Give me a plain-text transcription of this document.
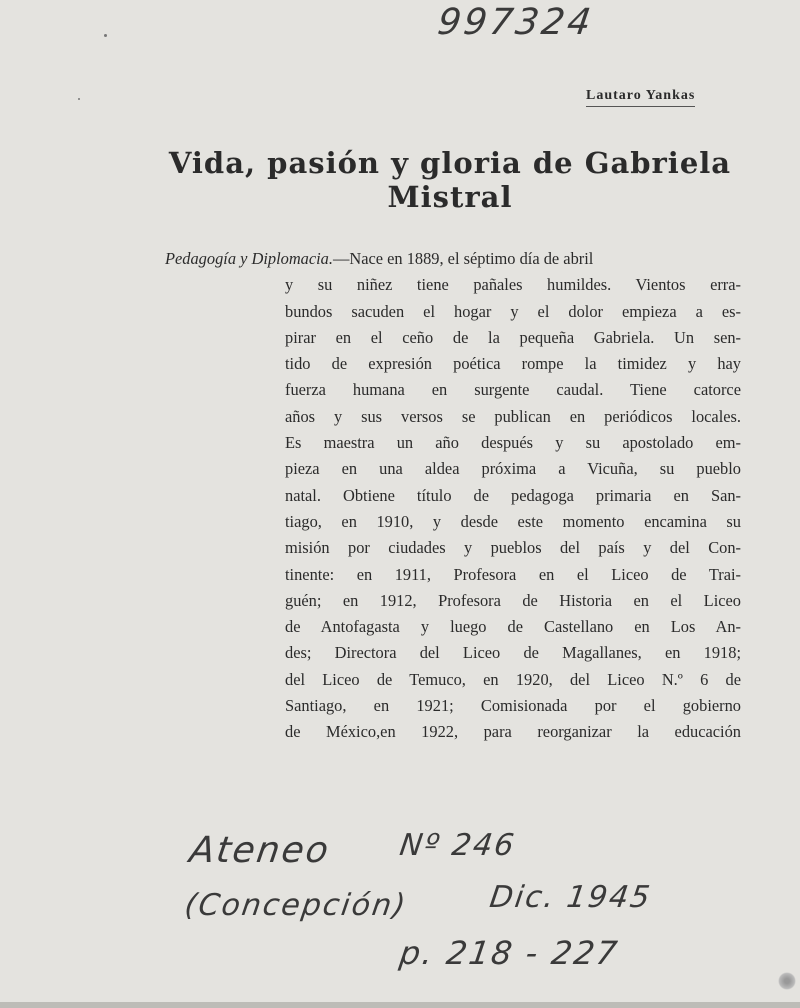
997324
Lautaro Yankas
Vida, pasión y gloria de Gabriela
Mistral
Pedagogía y Diplomacia.—Nace en 1889, el séptimo día de abril
y su niñez tiene pañales humildes. Vientos erra-
bundos sacuden el hogar y el dolor empieza a es-
pirar en el ceño de la pequeña Gabriela. Un sen-
tido de expresión poética rompe la timidez y hay
fuerza humana en surgente caudal. Tiene catorce
años y sus versos se publican en periódicos locales.
Es maestra un año después y su apostolado em-
pieza en una aldea próxima a Vicuña, su pueblo
natal. Obtiene título de pedagoga primaria en San-
tiago, en 1910, y desde este momento encamina su
misión por ciudades y pueblos del país y del Con-
tinente: en 1911, Profesora en el Liceo de Trai-
guén; en 1912, Profesora de Historia en el Liceo
de Antofagasta y luego de Castellano en Los An-
des; Directora del Liceo de Magallanes, en 1918;
del Liceo de Temuco, en 1920, del Liceo N.º 6 de
Santiago, en 1921; Comisionada por el gobierno
de México,en 1922, para reorganizar la educación
Ateneo Nº 246
(Concepción)	Dic. 1945
p. 218 - 227
